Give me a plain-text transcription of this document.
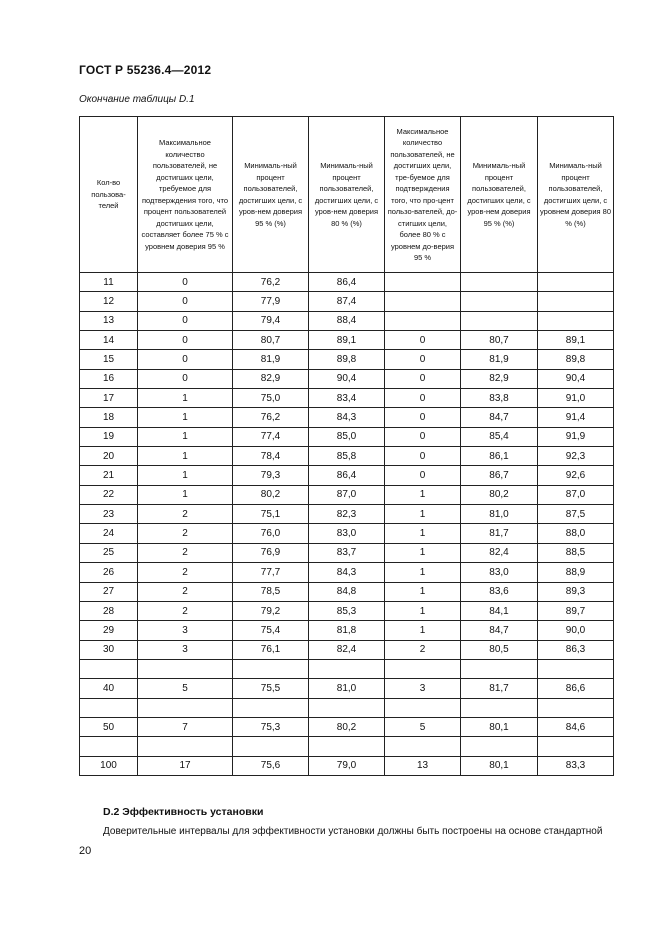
ГОСТ Р 55236.4—2012
Окончание таблицы D.1
Кол-во пользова-телей	Максимальное количество пользователей, не достигших цели, требуемое для подтверждения того, что процент пользователей достигших цели, составляет более 75 % с уровнем доверия 95 %	Минималь-ный процент пользователей, достигших цели, с уров-нем доверия 95 % (%)	Минималь-ный процент пользователей, достигших цели, с уров-нем доверия 80 % (%)	Максимальное количество пользователей, не достигших цели, тре-буемое для подтверждения того, что про-цент пользо-вателей, до-стигших цели, более 80 % с уровнем до-верия 95 %	Минималь-ный процент пользователей, достигших цели, с уров-нем доверия 95 % (%)	Минималь-ный процент пользователей, достигших цели, с уровнем доверия 80 % (%)
11	0	76,2	86,4			
12	0	77,9	87,4			
13	0	79,4	88,4			
14	0	80,7	89,1	0	80,7	89,1
15	0	81,9	89,8	0	81,9	89,8
16	0	82,9	90,4	0	82,9	90,4
17	1	75,0	83,4	0	83,8	91,0
18	1	76,2	84,3	0	84,7	91,4
19	1	77,4	85,0	0	85,4	91,9
20	1	78,4	85,8	0	86,1	92,3
21	1	79,3	86,4	0	86,7	92,6
22	1	80,2	87,0	1	80,2	87,0
23	2	75,1	82,3	1	81,0	87,5
24	2	76,0	83,0	1	81,7	88,0
25	2	76,9	83,7	1	82,4	88,5
26	2	77,7	84,3	1	83,0	88,9
27	2	78,5	84,8	1	83,6	89,3
28	2	79,2	85,3	1	84,1	89,7
29	3	75,4	81,8	1	84,7	90,0
30	3	76,1	82,4	2	80,5	86,3

40	5	75,5	81,0	3	81,7	86,6

50	7	75,3	80,2	5	80,1	84,6

100	17	75,6	79,0	13	80,1	83,3
D.2 Эффективность установки
Доверительные интервалы для эффективности установки должны быть построены на основе стандартной
20
